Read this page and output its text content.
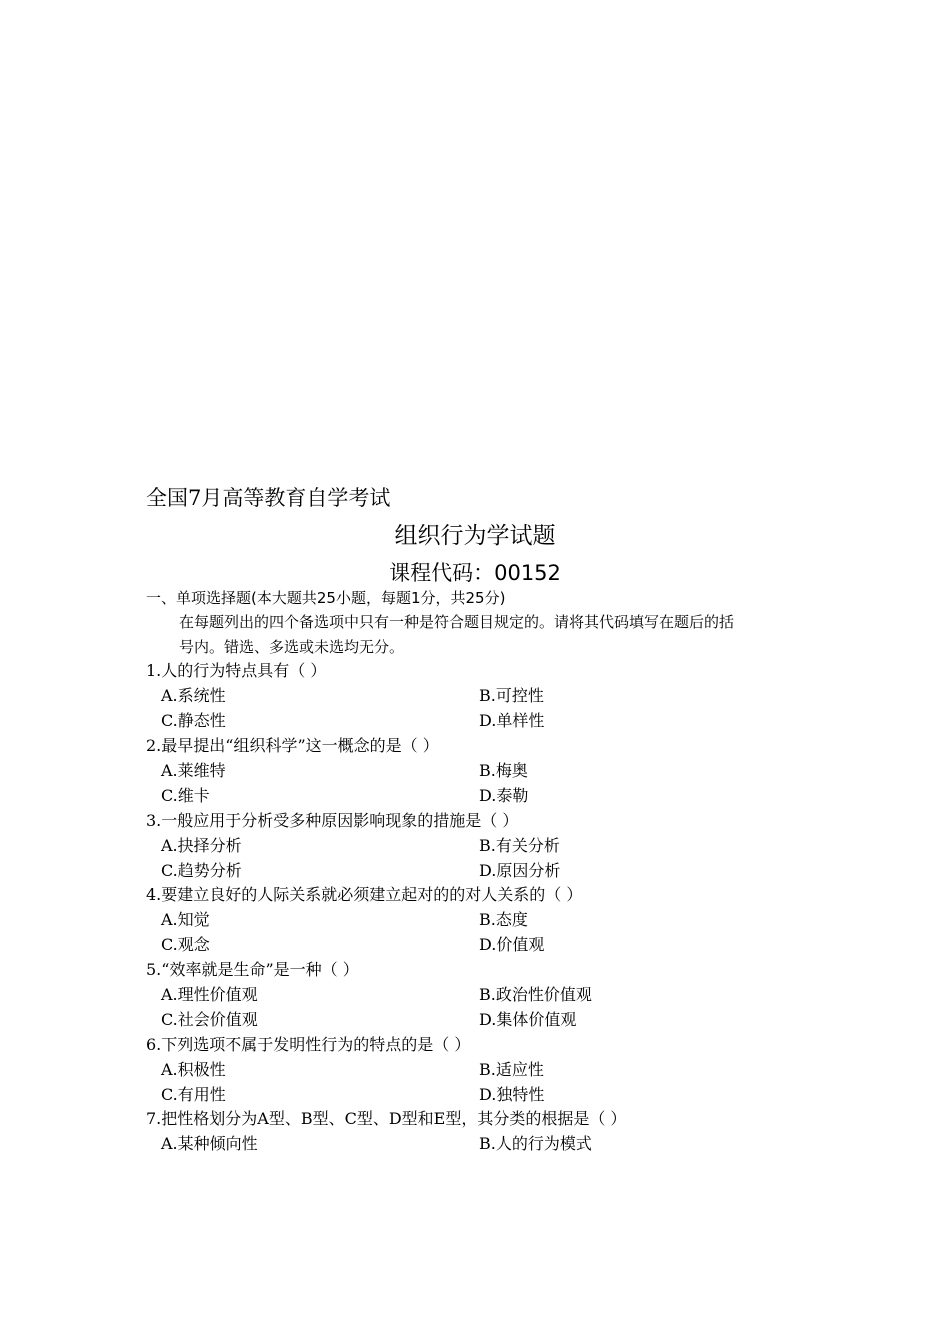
全国7月高等教育自学考试
组织行为学试题
课程代码：00152
一、单项选择题(本大题共25小题，每题1分，共25分)
在每题列出的四个备选项中只有一种是符合题目规定的。请将其代码填写在题后的括
号内。错选、多选或未选均无分。
1.人的行为特点具有（ ）
A.系统性	B.可控性
C.静态性	D.单样性
2.最早提出“组织科学”这一概念的是（ ）
A.莱维特	B.梅奥
C.维卡	D.泰勒
3.一般应用于分析受多种原因影响现象的措施是（ ）
A.抉择分析	B.有关分析
C.趋势分析	D.原因分析
4.要建立良好的人际关系就必须建立起对的的对人关系的（ ）
A.知觉	B.态度
C.观念	D.价值观
5.“效率就是生命”是一种（ ）
A.理性价值观	B.政治性价值观
C.社会价值观	D.集体价值观
6.下列选项不属于发明性行为的特点的是（ ）
A.积极性	B.适应性
C.有用性	D.独特性
7.把性格划分为A型、B型、C型、D型和E型，其分类的根据是（ ）
A.某种倾向性	B.人的行为模式
